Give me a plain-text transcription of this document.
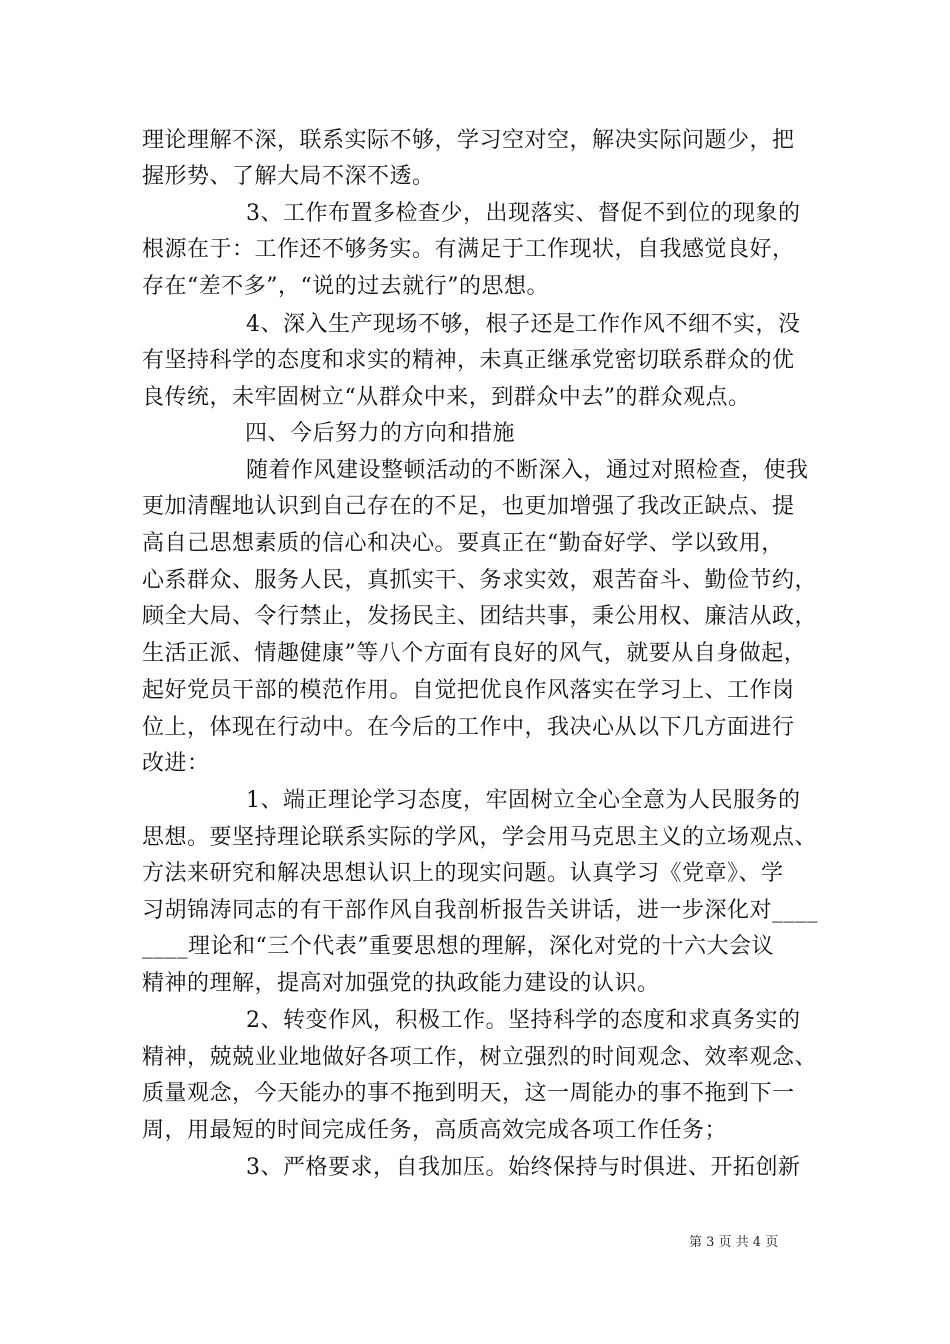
理论理解不深，联系实际不够，学习空对空，解决实际问题少，把
握形势、了解大局不深不透。
3、工作布置多检查少，出现落实、督促不到位的现象的
根源在于：工作还不够务实。有满足于工作现状，自我感觉良好，
存在“差不多”，“说的过去就行”的思想。
4、深入生产现场不够，根子还是工作作风不细不实，没
有坚持科学的态度和求实的精神，未真正继承党密切联系群众的优
良传统，未牢固树立“从群众中来，到群众中去”的群众观点。
四、今后努力的方向和措施
随着作风建设整顿活动的不断深入，通过对照检查，使我
更加清醒地认识到自己存在的不足，也更加增强了我改正缺点、提
高自己思想素质的信心和决心。要真正在“勤奋好学、学以致用，
心系群众、服务人民，真抓实干、务求实效，艰苦奋斗、勤俭节约，
顾全大局、令行禁止，发扬民主、团结共事，秉公用权、廉洁从政，
生活正派、情趣健康”等八个方面有良好的风气，就要从自身做起，
起好党员干部的模范作用。自觉把优良作风落实在学习上、工作岗
位上，体现在行动中。在今后的工作中，我决心从以下几方面进行
改进：
1、端正理论学习态度，牢固树立全心全意为人民服务的
思想。要坚持理论联系实际的学风，学会用马克思主义的立场观点、
方法来研究和解决思想认识上的现实问题。认真学习《党章》、学
习胡锦涛同志的有干部作风自我剖析报告关讲话，进一步深化对____
____理论和“三个代表”重要思想的理解，深化对党的十六大会议
精神的理解，提高对加强党的执政能力建设的认识。
2、转变作风，积极工作。坚持科学的态度和求真务实的
精神，兢兢业业地做好各项工作，树立强烈的时间观念、效率观念、
质量观念，今天能办的事不拖到明天，这一周能办的事不拖到下一
周，用最短的时间完成任务，高质高效完成各项工作任务；
3、严格要求，自我加压。始终保持与时俱进、开拓创新
第 3 页 共 4 页
